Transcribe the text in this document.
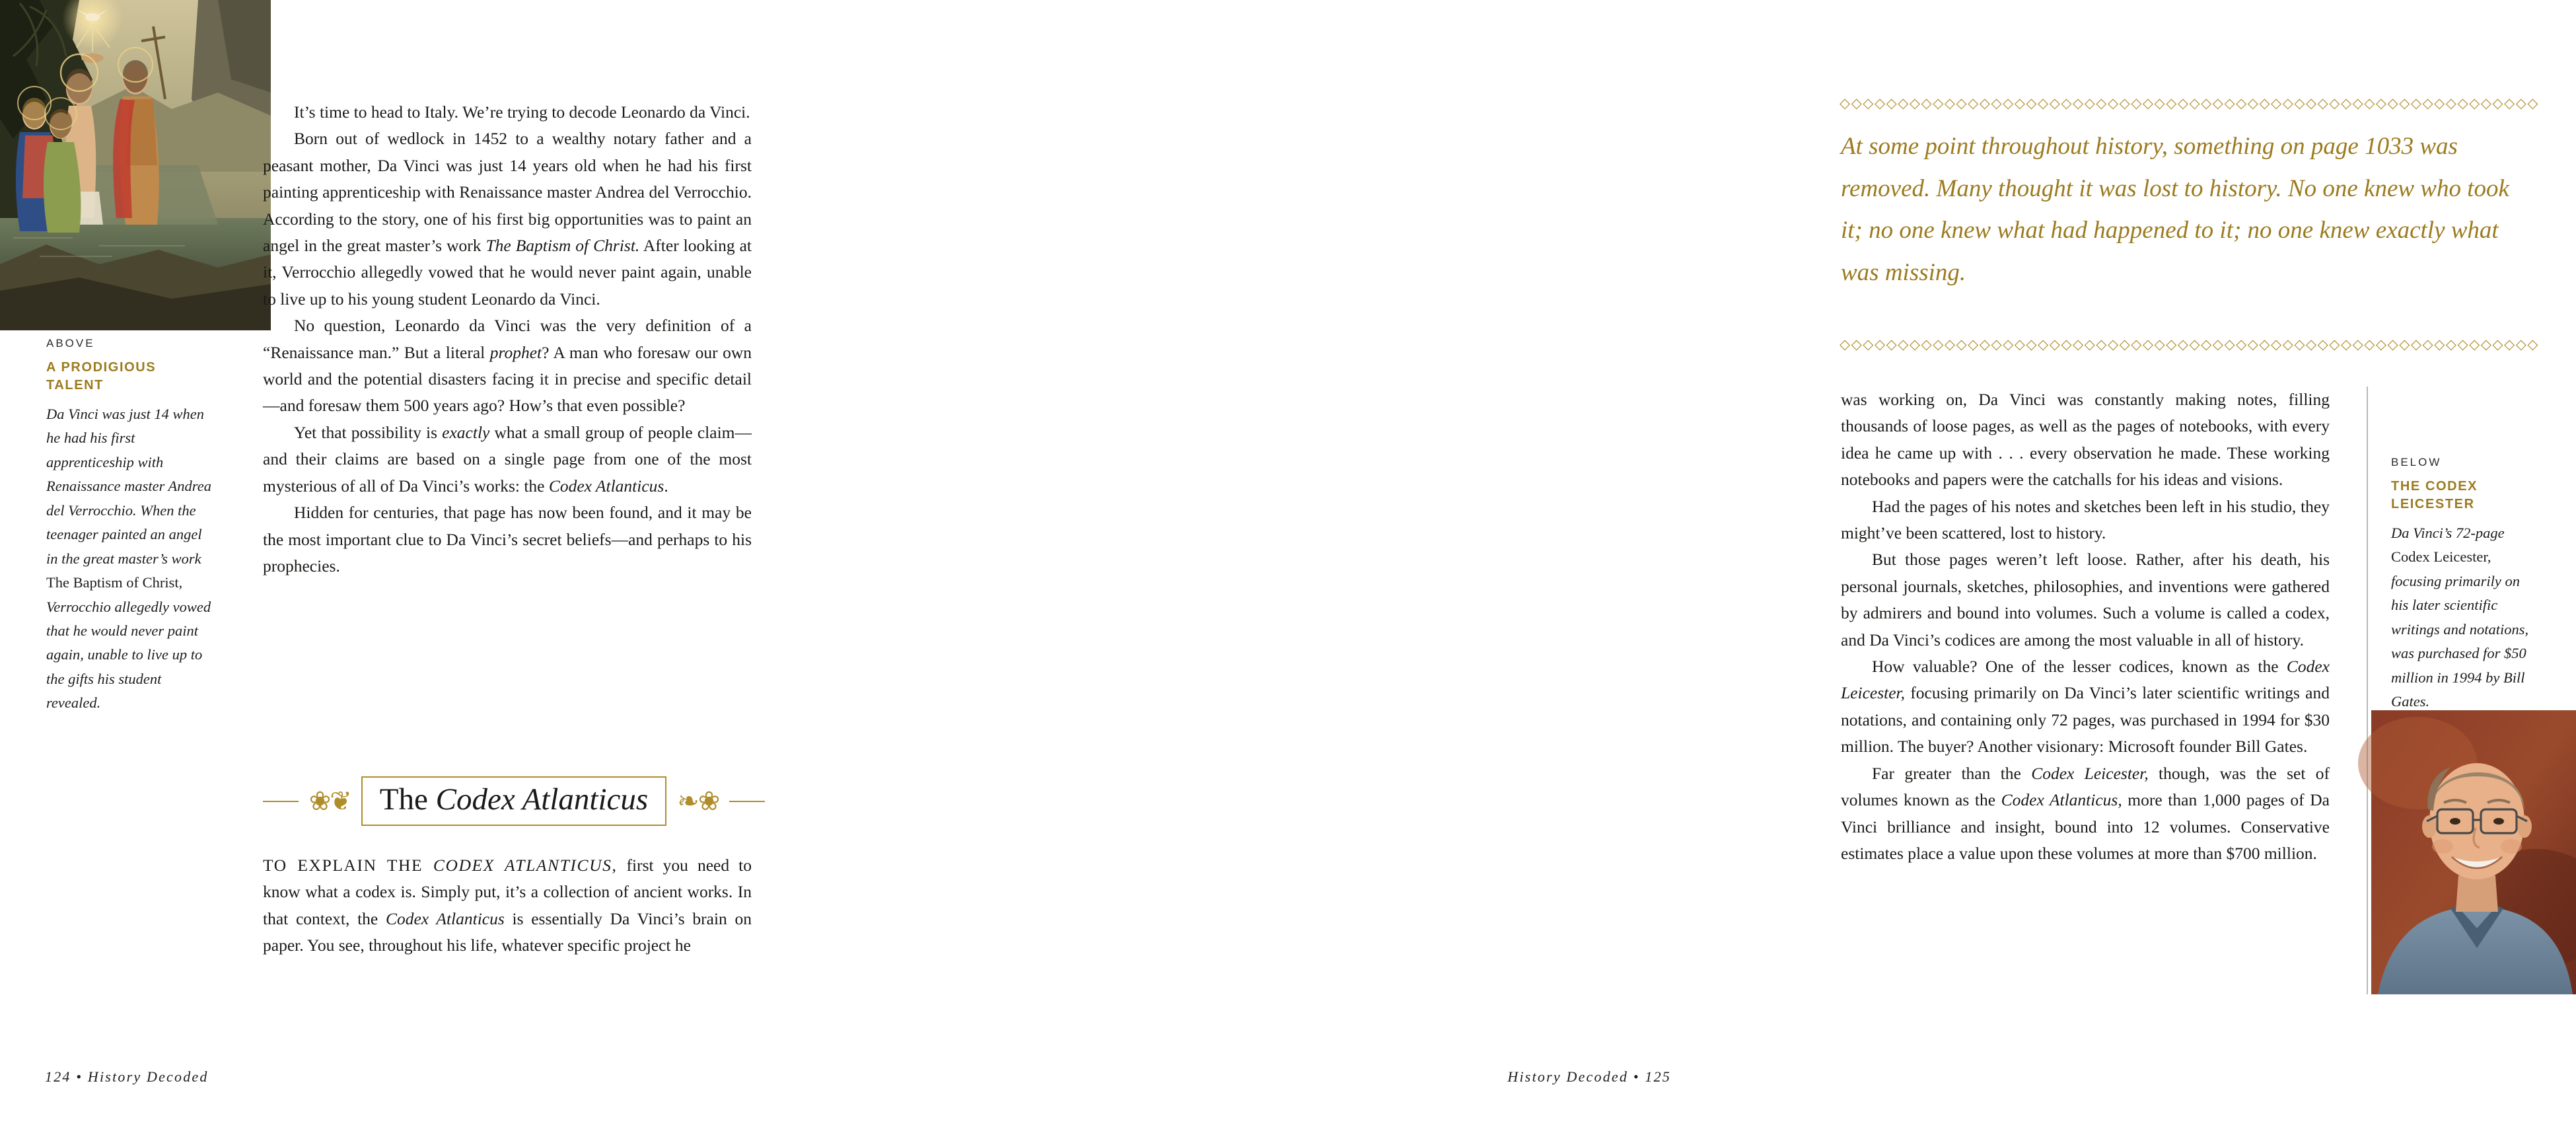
ABOVE
A PRODIGIOUS TALENT
Da Vinci was just 14 when he had his first apprenticeship with Renaissance master Andrea del Verrocchio. When the teenager painted an angel in the great master’s work The Baptism of Christ, Verrocchio allegedly vowed that he would never paint again, unable to live up to the gifts his student revealed.

It’s time to head to Italy. We’re trying to decode Leonardo da Vinci.

Born out of wedlock in 1452 to a wealthy notary father and a peasant mother, Da Vinci was just 14 years old when he had his first painting apprenticeship with Renaissance master Andrea del Verrocchio. According to the story, one of his first big opportunities was to paint an angel in the great master’s work The Baptism of Christ. After looking at it, Verrocchio allegedly vowed that he would never paint again, unable to live up to his young student Leonardo da Vinci.

No question, Leonardo da Vinci was the very definition of a “Renaissance man.” But a literal prophet? A man who foresaw our own world and the potential disasters facing it in precise and specific detail—and foresaw them 500 years ago? How’s that even possible?

Yet that possibility is exactly what a small group of people claim—and their claims are based on a single page from one of the most mysterious of all of Da Vinci’s works: the Codex Atlanticus.

Hidden for centuries, that page has now been found, and it may be the most important clue to Da Vinci’s secret beliefs—and perhaps to his prophecies.

❀❦ The Codex Atlanticus ❧❀

TO EXPLAIN THE CODEX ATLANTICUS, first you need to know what a codex is. Simply put, it’s a collection of ancient works. In that context, the Codex Atlanticus is essentially Da Vinci’s brain on paper. You see, throughout his life, whatever specific project he

124 • History Decoded
◇◇◇◇◇◇◇◇◇◇◇◇◇◇◇◇◇◇◇◇◇◇◇◇◇◇◇◇◇◇◇◇◇◇◇◇◇◇◇◇◇◇◇◇◇◇◇◇◇◇◇◇◇◇◇◇◇◇◇◇
At some point throughout history, something on page 1033 was removed. Many thought it was lost to history. No one knew who took it; no one knew what had happened to it; no one knew exactly what was missing.
◇◇◇◇◇◇◇◇◇◇◇◇◇◇◇◇◇◇◇◇◇◇◇◇◇◇◇◇◇◇◇◇◇◇◇◇◇◇◇◇◇◇◇◇◇◇◇◇◇◇◇◇◇◇◇◇◇◇◇◇

was working on, Da Vinci was constantly making notes, filling thousands of loose pages, as well as the pages of notebooks, with every idea he came up with . . . every observation he made. These working notebooks and papers were the catchalls for his ideas and visions.

Had the pages of his notes and sketches been left in his studio, they might’ve been scattered, lost to history.

But those pages weren’t left loose. Rather, after his death, his personal journals, sketches, philosophies, and inventions were gathered by admirers and bound into volumes. Such a volume is called a codex, and Da Vinci’s codices are among the most valuable in all of history.

How valuable? One of the lesser codices, known as the Codex Leicester, focusing primarily on Da Vinci’s later scientific writings and notations, and containing only 72 pages, was purchased in 1994 for $30 million. The buyer? Another visionary: Microsoft founder Bill Gates.

Far greater than the Codex Leicester, though, was the set of volumes known as the Codex Atlanticus, more than 1,000 pages of Da Vinci brilliance and insight, bound into 12 volumes. Conservative estimates place a value upon these volumes at more than $700 million.

BELOW
THE CODEX LEICESTER
Da Vinci’s 72-page Codex Leicester, focusing primarily on his later scientific writings and notations, was purchased for $50 million in 1994 by Bill Gates.
History Decoded • 125
